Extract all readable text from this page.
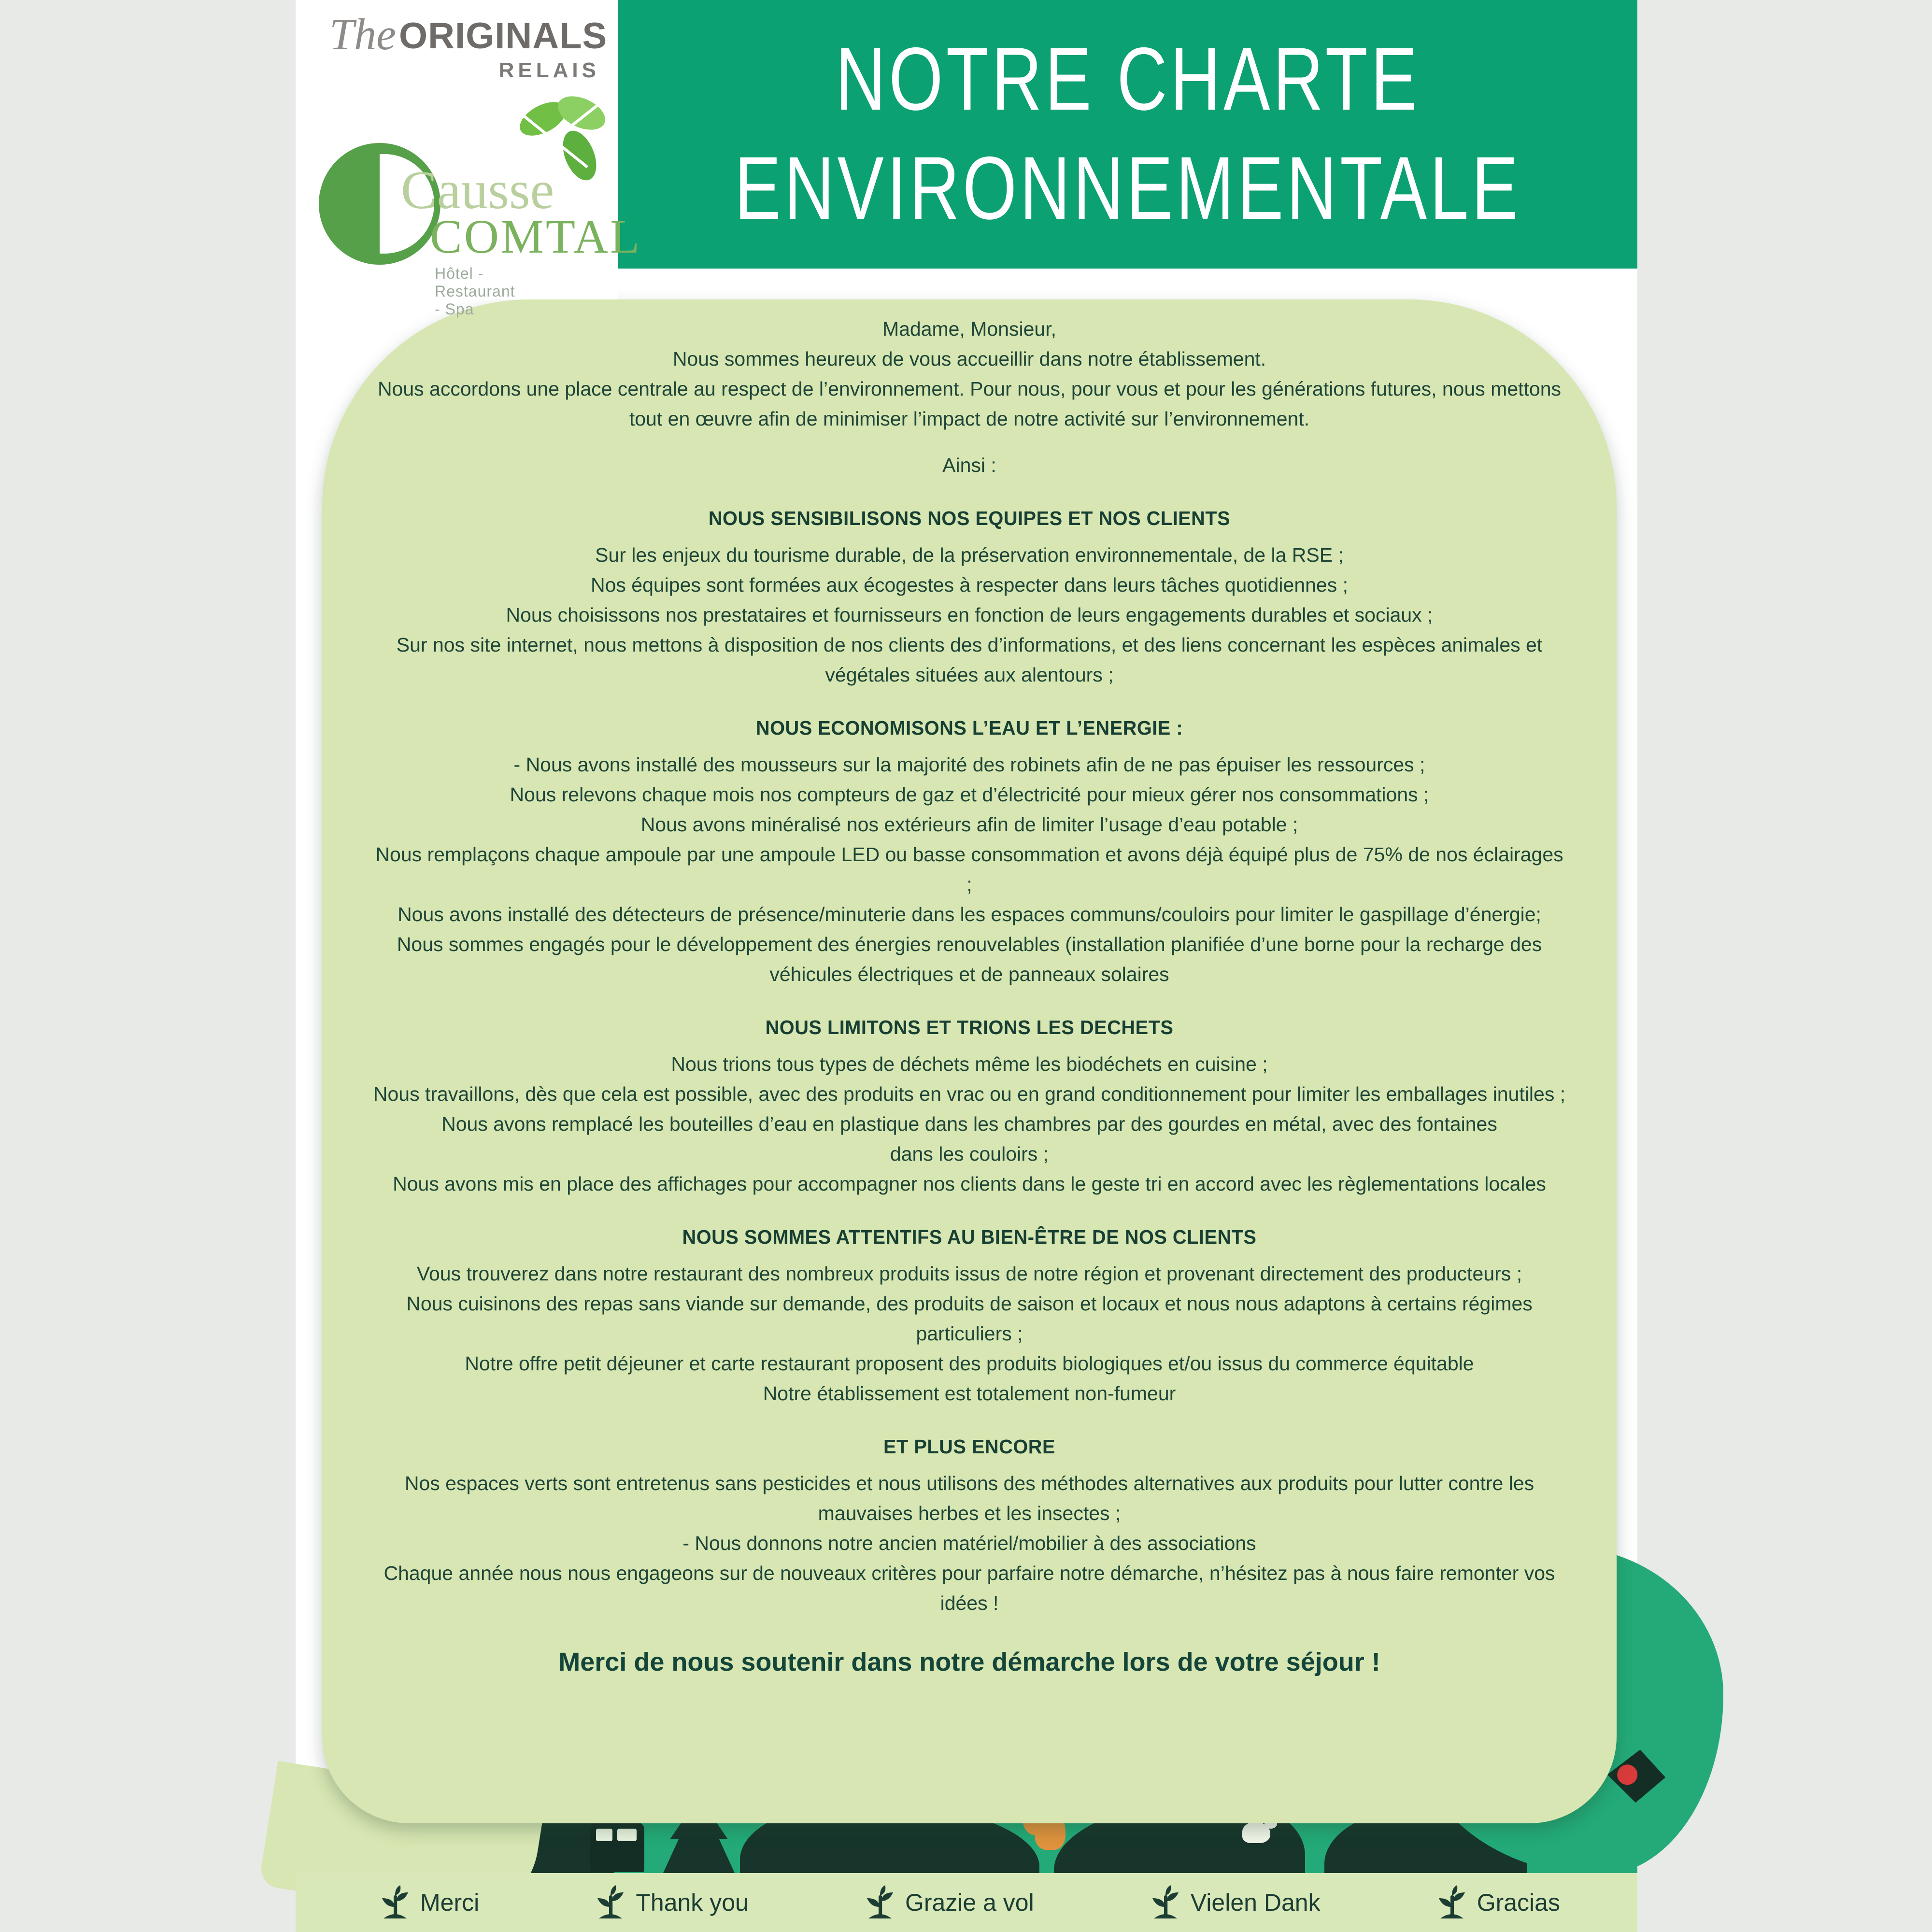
The ORIGINALS
RELAIS
Causse
COMTAL
Hôtel - Restaurant - Spa
NOTRE CHARTE
ENVIRONNEMENTALE

Madame, Monsieur,

Nous sommes heureux de vous accueillir dans notre établissement.

Nous accordons une place centrale au respect de l’environnement. Pour nous, pour vous et pour les générations futures, nous mettons tout en œuvre afin de minimiser l’impact de notre activité sur l’environnement.

Ainsi :

NOUS SENSIBILISONS NOS EQUIPES ET NOS CLIENTS

Sur les enjeux du tourisme durable, de la préservation environnementale, de la RSE ;

Nos équipes sont formées aux écogestes à respecter dans leurs tâches quotidiennes ;

Nous choisissons nos prestataires et fournisseurs en fonction de leurs engagements durables et sociaux ;

Sur nos site internet, nous mettons à disposition de nos clients des d’informations, et des liens concernant les espèces animales et végétales situées aux alentours ;

NOUS ECONOMISONS L’EAU ET L’ENERGIE :

- Nous avons installé des mousseurs sur la majorité des robinets afin de ne pas épuiser les ressources ;

Nous relevons chaque mois nos compteurs de gaz et d’électricité pour mieux gérer nos consommations ;

Nous avons minéralisé nos extérieurs afin de limiter l’usage d’eau potable ;

Nous remplaçons chaque ampoule par une ampoule LED ou basse consommation et avons déjà équipé plus de 75% de nos éclairages ;

Nous avons installé des détecteurs de présence/minuterie dans les espaces communs/couloirs pour limiter le gaspillage d’énergie;

Nous sommes engagés pour le développement des énergies renouvelables (installation planifiée d’une borne pour la recharge des véhicules électriques et de panneaux solaires

NOUS LIMITONS ET TRIONS LES DECHETS

Nous trions tous types de déchets même les biodéchets en cuisine ;

Nous travaillons, dès que cela est possible, avec des produits en vrac ou en grand conditionnement pour limiter les emballages inutiles ;

Nous avons remplacé les bouteilles d’eau en plastique dans les chambres par des gourdes en métal, avec des fontaines

dans les couloirs ;

Nous avons mis en place des affichages pour accompagner nos clients dans le geste tri en accord avec les règlementations locales

NOUS SOMMES ATTENTIFS AU BIEN-ÊTRE DE NOS CLIENTS

Vous trouverez dans notre restaurant des nombreux produits issus de notre région et provenant directement des producteurs ;

Nous cuisinons des repas sans viande sur demande, des produits de saison et locaux et nous nous adaptons à certains régimes particuliers ;

Notre offre petit déjeuner et carte restaurant proposent des produits biologiques et/ou issus du commerce équitable

Notre établissement est totalement non-fumeur

ET PLUS ENCORE

Nos espaces verts sont entretenus sans pesticides et nous utilisons des méthodes alternatives aux produits pour lutter contre les mauvaises herbes et les insectes ;

- Nous donnons notre ancien matériel/mobilier à des associations

Chaque année nous nous engageons sur de nouveaux critères pour parfaire notre démarche, n’hésitez pas à nous faire remonter vos idées !

Merci de nous soutenir dans notre démarche lors de votre séjour !
Merci	Thank you	Grazie a vol	Vielen Dank	Gracias
